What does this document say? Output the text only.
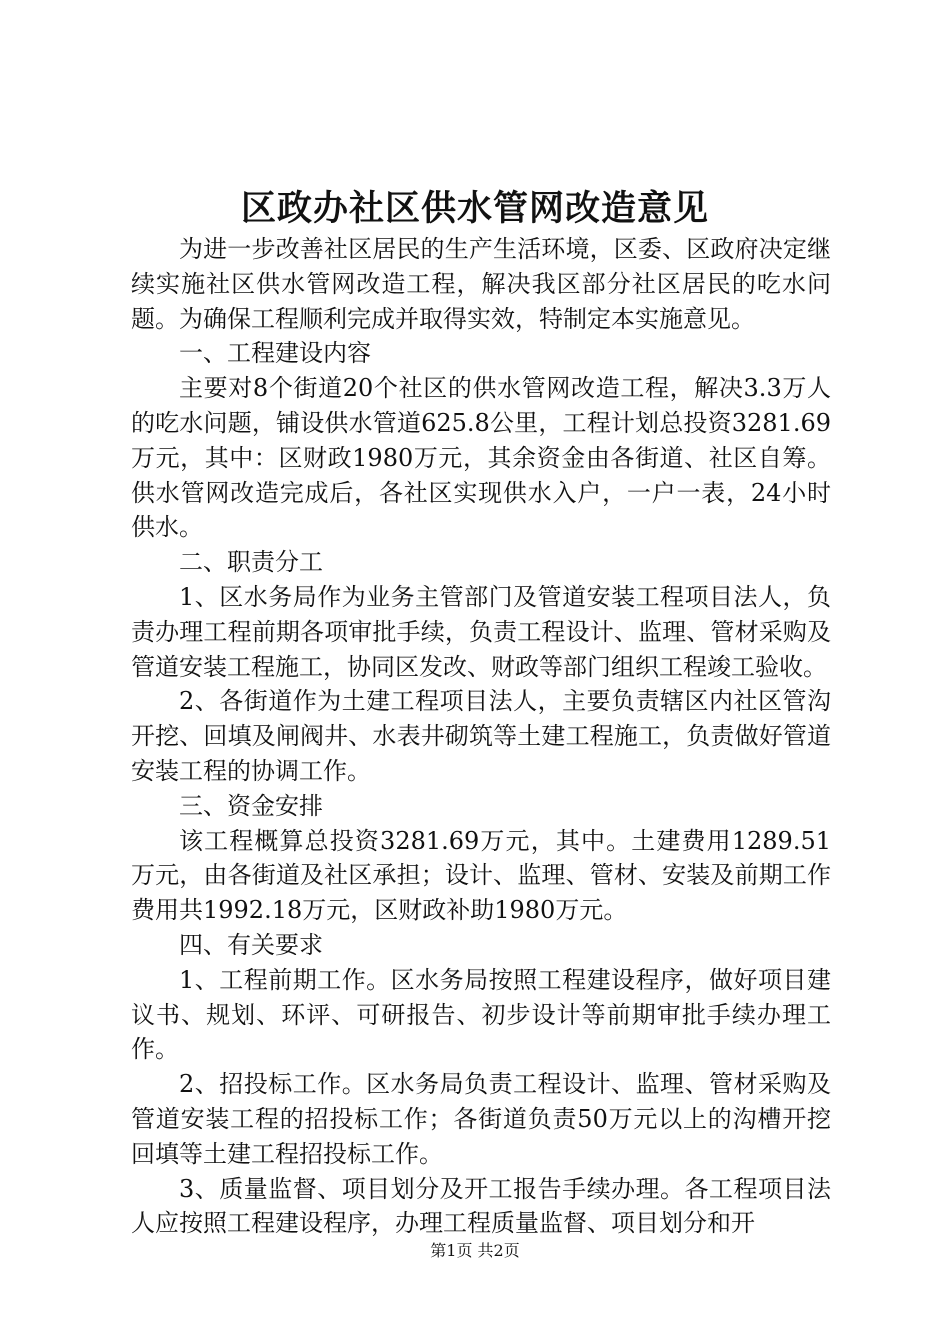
区政办社区供水管网改造意见

为进一步改善社区居民的生产生活环境，区委、区政府决定继续实施社区供水管网改造工程，解决我区部分社区居民的吃水问题。为确保工程顺利完成并取得实效，特制定本实施意见。

一、工程建设内容

主要对8个街道20个社区的供水管网改造工程，解决3.3万人的吃水问题，铺设供水管道625.8公里，工程计划总投资3281.69万元，其中：区财政1980万元，其余资金由各街道、社区自筹。供水管网改造完成后，各社区实现供水入户，一户一表，24小时供水。

二、职责分工

1、区水务局作为业务主管部门及管道安装工程项目法人，负责办理工程前期各项审批手续，负责工程设计、监理、管材采购及管道安装工程施工，协同区发改、财政等部门组织工程竣工验收。

2、各街道作为土建工程项目法人，主要负责辖区内社区管沟开挖、回填及闸阀井、水表井砌筑等土建工程施工，负责做好管道安装工程的协调工作。

三、资金安排

该工程概算总投资3281.69万元，其中。土建费用1289.51万元，由各街道及社区承担；设计、监理、管材、安装及前期工作费用共1992.18万元，区财政补助1980万元。

四、有关要求

1、工程前期工作。区水务局按照工程建设程序，做好项目建议书、规划、环评、可研报告、初步设计等前期审批手续办理工作。

2、招投标工作。区水务局负责工程设计、监理、管材采购及管道安装工程的招投标工作；各街道负责50万元以上的沟槽开挖回填等土建工程招投标工作。

3、质量监督、项目划分及开工报告手续办理。各工程项目法人应按照工程建设程序，办理工程质量监督、项目划分和开

第1页 共2页
